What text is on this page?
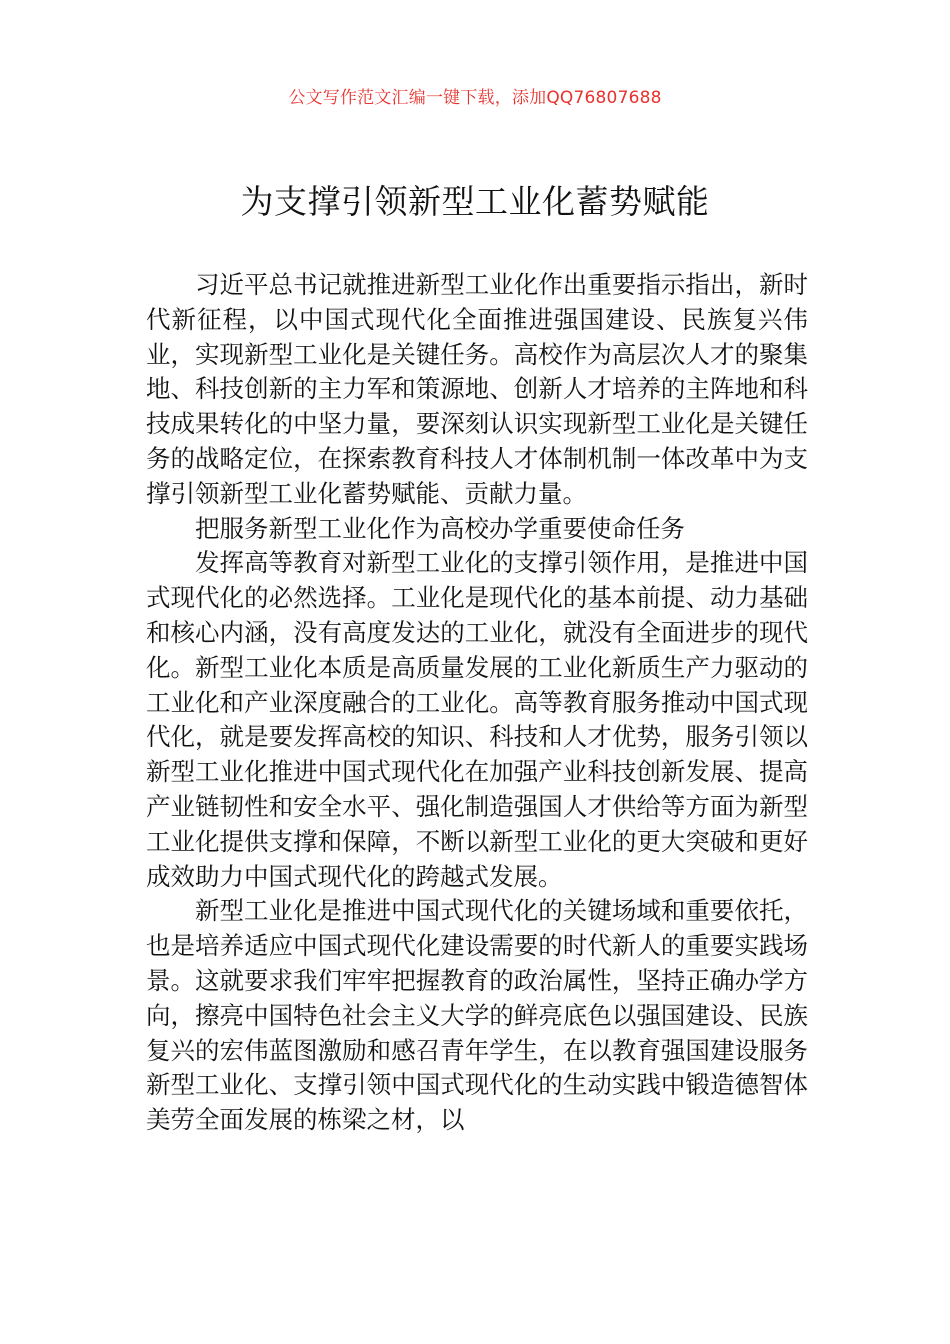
公文写作范文汇编一键下载，添加QQ76807688
为支撑引领新型工业化蓄势赋能

习近平总书记就推进新型工业化作出重要指示指出，新时代新征程，以中国式现代化全面推进强国建设、民族复兴伟业，实现新型工业化是关键任务。高校作为高层次人才的聚集地、科技创新的主力军和策源地、创新人才培养的主阵地和科技成果转化的中坚力量，要深刻认识实现新型工业化是关键任务的战略定位，在探索教育科技人才体制机制一体改革中为支撑引领新型工业化蓄势赋能、贡献力量。

把服务新型工业化作为高校办学重要使命任务

发挥高等教育对新型工业化的支撑引领作用，是推进中国式现代化的必然选择。工业化是现代化的基本前提、动力基础和核心内涵，没有高度发达的工业化，就没有全面进步的现代化。新型工业化本质是高质量发展的工业化新质生产力驱动的工业化和产业深度融合的工业化。高等教育服务推动中国式现代化，就是要发挥高校的知识、科技和人才优势，服务引领以新型工业化推进中国式现代化在加强产业科技创新发展、提高产业链韧性和安全水平、强化制造强国人才供给等方面为新型工业化提供支撑和保障，不断以新型工业化的更大突破和更好成效助力中国式现代化的跨越式发展。

新型工业化是推进中国式现代化的关键场域和重要依托，也是培养适应中国式现代化建设需要的时代新人的重要实践场景。这就要求我们牢牢把握教育的政治属性，坚持正确办学方向，擦亮中国特色社会主义大学的鲜亮底色以强国建设、民族复兴的宏伟蓝图激励和感召青年学生，在以教育强国建设服务新型工业化、支撑引领中国式现代化的生动实践中锻造德智体美劳全面发展的栋梁之材，以
